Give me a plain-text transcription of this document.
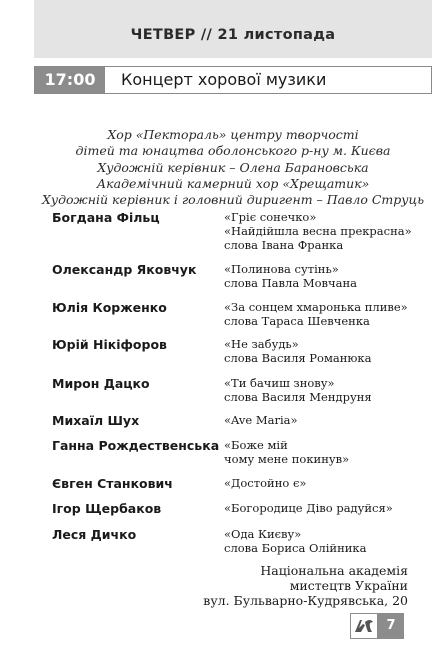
ЧЕТВЕР // 21 листопада
17:00	Концерт хорової музики
Хор «Пектораль» центру творчості
дітей та юнацтва оболонського р-ну м. Києва
Художній керівник – Олена Барановська
Академічний камерний хор «Хрещатик»
Художній керівник і головний диригент – Павло Струць
Богдана Фільц	«Гріє сонечко»
«Найдійшла весна прекрасна»
слова Івана Франка
Олександр Яковчук «Полинова сутінь»
слова Павла Мовчана
Юлія Корженко	«За сонцем хмаронька пливе»
слова Тараса Шевченка
Юрій Нікіфоров	«Не забудь»
слова Василя Романюка
Мирон Дацко	«Ти бачиш знову»
слова Василя Мендруня
Михаїл Шух	«Ave Maria»
Ганна Рождественська «Боже мій
чому мене покинув»
Євген Станкович	«Достойно є»
Ігор Щербаков	«Богородице Діво радуйся»
Леся Дичко	«Ода Києву»
слова Бориса Олійника
Національна академія
мистецтв України
вул. Бульварно-Кудрявська, 20
7
